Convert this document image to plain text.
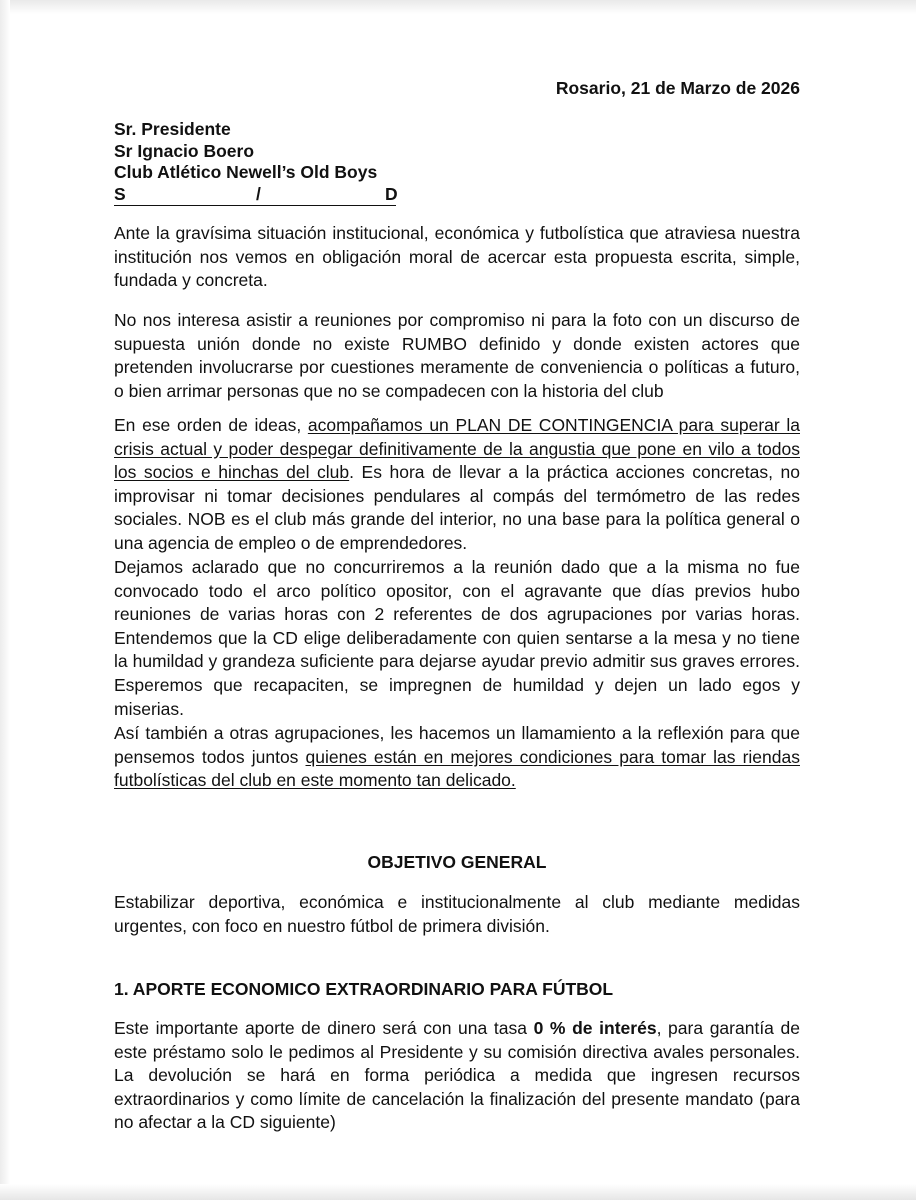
Rosario, 21 de Marzo de 2026
Sr. Presidente
Sr Ignacio Boero
Club Atlético Newell’s Old Boys
S	/	D

Ante la gravísima situación institucional, económica y futbolística que atraviesa nuestra institución nos vemos en obligación moral de acercar esta propuesta escrita, simple, fundada y concreta.

No nos interesa asistir a reuniones por compromiso ni para la foto con un discurso de supuesta unión donde no existe RUMBO definido y donde existen actores que pretenden involucrarse por cuestiones meramente de conveniencia o políticas a futuro, o bien arrimar personas que no se compadecen con la historia del club

En ese orden de ideas, acompañamos un PLAN DE CONTINGENCIA para superar la crisis actual y poder despegar definitivamente de la angustia que pone en vilo a todos los socios e hinchas del club. Es hora de llevar a la práctica acciones concretas, no improvisar ni tomar decisiones pendulares al compás del termómetro de las redes sociales. NOB es el club más grande del interior, no una base para la política general o una agencia de empleo o de emprendedores.

Dejamos aclarado que no concurriremos a la reunión dado que a la misma no fue convocado todo el arco político opositor, con el agravante que días previos hubo reuniones de varias horas con 2 referentes de dos agrupaciones por varias horas. Entendemos que la CD elige deliberadamente con quien sentarse a la mesa y no tiene la humildad y grandeza suficiente para dejarse ayudar previo admitir sus graves errores. Esperemos que recapaciten, se impregnen de humildad y dejen un lado egos y miserias.

Así también a otras agrupaciones, les hacemos un llamamiento a la reflexión para que pensemos todos juntos quienes están en mejores condiciones para tomar las riendas futbolísticas del club en este momento tan delicado.

OBJETIVO GENERAL

Estabilizar deportiva, económica e institucionalmente al club mediante medidas urgentes, con foco en nuestro fútbol de primera división.

1. APORTE ECONOMICO EXTRAORDINARIO PARA FÚTBOL

Este importante aporte de dinero será con una tasa 0 % de interés, para garantía de este préstamo solo le pedimos al Presidente y su comisión directiva avales personales. La devolución se hará en forma periódica a medida que ingresen recursos extraordinarios y como límite de cancelación la finalización del presente mandato (para no afectar a la CD siguiente)
